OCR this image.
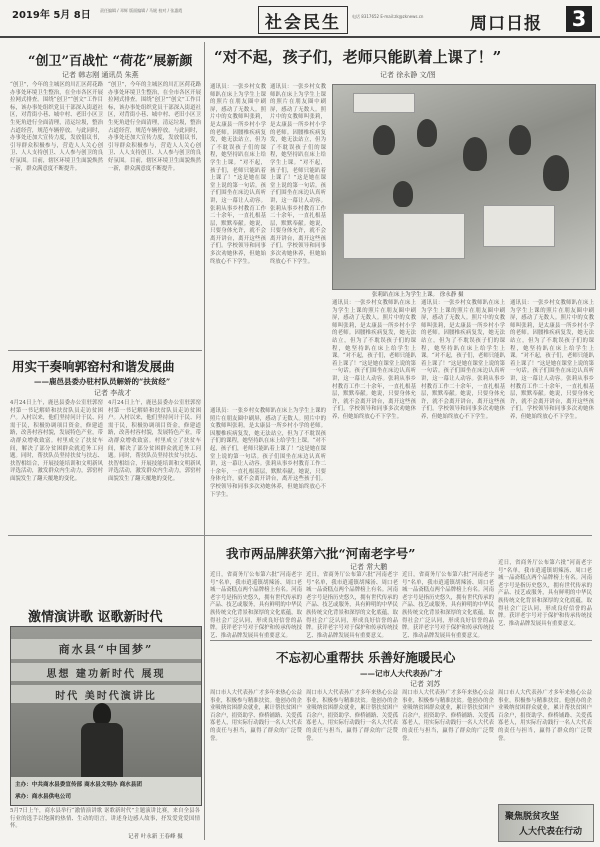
2019年 5月 8日 责任编辑 / 邓辉 版面编辑 / 马媛 校对 / 张惠霞
社会民生	电话 8317652 E-mail:zk@zknews.cn	周口日报 3
“创卫”百战忙 “荷花”展新颜
记者 韩志刚 通讯员 朱燕
“创卫”，今年的主城区的川汇区荷花路办事处环境卫生整治，在全市各区开展拉网式排查。围绕“创卫”“创文”工作目标，该办事处组织党员干部深入街道社区，对背街小巷、城中村、老旧小区卫生死角进行全面清理，清运垃圾，整治占道经营，规范车辆停放。与此同时，办事处还加大宣传力度，发放倡议书，引导群众积极参与，营造人人关心创卫、人人支持创卫、人人参与创卫的良好氛围。目前，辖区环境卫生面貌焕然一新，群众满意度不断提升。
“创卫”，今年的主城区的川汇区荷花路办事处环境卫生整治，在全市各区开展拉网式排查。围绕“创卫”“创文”工作目标，该办事处组织党员干部深入街道社区，对背街小巷、城中村、老旧小区卫生死角进行全面清理，清运垃圾，整治占道经营，规范车辆停放。与此同时，办事处还加大宣传力度，发放倡议书，引导群众积极参与，营造人人关心创卫、人人支持创卫、人人参与创卫的良好氛围。目前，辖区环境卫生面貌焕然一新，群众满意度不断提升。
用实干奏响郭窑村和谐发展曲
——鹿邑县委办驻村队员解娇的“扶贫经”
记者 李战才
4月24日上午，鹿邑县委办公室驻郭窑村第一书记解娇和扶贫队员走访贫困户。入村以来，他们坚持问计于民、问需于民，积极协调项目资金，修建道路，改善村容村貌，发展特色产业，带动群众增收致富。村里成立了扶贫车间，解决了部分贫困群众就近务工问题。同时，帮扶队员坚持扶贫与扶志、扶智相结合，开展技能培训和文明新风评选活动，激发群众内生动力，郭窑村面貌发生了翻天覆地的变化。
4月24日上午，鹿邑县委办公室驻郭窑村第一书记解娇和扶贫队员走访贫困户。入村以来，他们坚持问计于民、问需于民，积极协调项目资金，修建道路，改善村容村貌，发展特色产业，带动群众增收致富。村里成立了扶贫车间，解决了部分贫困群众就近务工问题。同时，帮扶队员坚持扶贫与扶志、扶智相结合，开展技能培训和文明新风评选活动，激发群众内生动力，郭窑村面貌发生了翻天覆地的变化。
“对不起，孩子们，老师只能趴着上课了！”
记者 徐永静 文/图
通讯员：一张乡村女教师趴在床上为学生上课的照片在朋友圈中刷屏，感动了无数人。照片中的女教师叫张莉，是太康县一所乡村小学的老师。因腰椎疾病复发，她无法站立，但为了不耽误孩子们的课程，她坚持趴在床上给学生上课。“对不起，孩子们，老师只能趴着上课了！”这是她在课堂上说的第一句话。孩子们围坐在床边认真听讲，这一幕让人动容。张莉从事乡村教育工作二十余年，一直扎根基层，默默奉献。她说，只要身体允许，就不会离开讲台，离开这些孩子们。学校领导和同事多次劝她休养，但她始终放心不下学生。
通讯员：一张乡村女教师趴在床上为学生上课的照片在朋友圈中刷屏，感动了无数人。照片中的女教师叫张莉，是太康县一所乡村小学的老师。因腰椎疾病复发，她无法站立，但为了不耽误孩子们的课程，她坚持趴在床上给学生上课。“对不起，孩子们，老师只能趴着上课了！”这是她在课堂上说的第一句话。孩子们围坐在床边认真听讲，这一幕让人动容。张莉从事乡村教育工作二十余年，一直扎根基层，默默奉献。她说，只要身体允许，就不会离开讲台，离开这些孩子们。学校领导和同事多次劝她休养，但她始终放心不下学生。
张莉趴在床上为学生上课。 徐永静 摄
通讯员：一张乡村女教师趴在床上为学生上课的照片在朋友圈中刷屏，感动了无数人。照片中的女教师叫张莉，是太康县一所乡村小学的老师。因腰椎疾病复发，她无法站立，但为了不耽误孩子们的课程，她坚持趴在床上给学生上课。“对不起，孩子们，老师只能趴着上课了！”这是她在课堂上说的第一句话。孩子们围坐在床边认真听讲，这一幕让人动容。张莉从事乡村教育工作二十余年，一直扎根基层，默默奉献。她说，只要身体允许，就不会离开讲台，离开这些孩子们。学校领导和同事多次劝她休养，但她始终放心不下学生。
通讯员：一张乡村女教师趴在床上为学生上课的照片在朋友圈中刷屏，感动了无数人。照片中的女教师叫张莉，是太康县一所乡村小学的老师。因腰椎疾病复发，她无法站立，但为了不耽误孩子们的课程，她坚持趴在床上给学生上课。“对不起，孩子们，老师只能趴着上课了！”这是她在课堂上说的第一句话。孩子们围坐在床边认真听讲，这一幕让人动容。张莉从事乡村教育工作二十余年，一直扎根基层，默默奉献。她说，只要身体允许，就不会离开讲台，离开这些孩子们。学校领导和同事多次劝她休养，但她始终放心不下学生。
通讯员：一张乡村女教师趴在床上为学生上课的照片在朋友圈中刷屏，感动了无数人。照片中的女教师叫张莉，是太康县一所乡村小学的老师。因腰椎疾病复发，她无法站立，但为了不耽误孩子们的课程，她坚持趴在床上给学生上课。“对不起，孩子们，老师只能趴着上课了！”这是她在课堂上说的第一句话。孩子们围坐在床边认真听讲，这一幕让人动容。张莉从事乡村教育工作二十余年，一直扎根基层，默默奉献。她说，只要身体允许，就不会离开讲台，离开这些孩子们。学校领导和同事多次劝她休养，但她始终放心不下学生。
通讯员：一张乡村女教师趴在床上为学生上课的照片在朋友圈中刷屏，感动了无数人。照片中的女教师叫张莉，是太康县一所乡村小学的老师。因腰椎疾病复发，她无法站立，但为了不耽误孩子们的课程，她坚持趴在床上给学生上课。“对不起，孩子们，老师只能趴着上课了！”这是她在课堂上说的第一句话。孩子们围坐在床边认真听讲，这一幕让人动容。张莉从事乡村教育工作二十余年，一直扎根基层，默默奉献。她说，只要身体允许，就不会离开讲台，离开这些孩子们。学校领导和同事多次劝她休养，但她始终放心不下学生。
我市两品牌获第六批“河南老字号”
记者 常大鹏
近日，省商务厅公布第六批“河南老字号”名单，我市逍遥镇胡辣汤、周口老城一品斋糕点两个品牌榜上有名。河南老字号是指历史悠久，拥有世代传承的产品、技艺或服务，具有鲜明的中华民族传统文化背景和深厚的文化底蕴，取得社会广泛认同，形成良好信誉的品牌。获评老字号对于保护和传承传统技艺、推动品牌发展具有重要意义。
近日，省商务厅公布第六批“河南老字号”名单，我市逍遥镇胡辣汤、周口老城一品斋糕点两个品牌榜上有名。河南老字号是指历史悠久，拥有世代传承的产品、技艺或服务，具有鲜明的中华民族传统文化背景和深厚的文化底蕴，取得社会广泛认同，形成良好信誉的品牌。获评老字号对于保护和传承传统技艺、推动品牌发展具有重要意义。
近日，省商务厅公布第六批“河南老字号”名单，我市逍遥镇胡辣汤、周口老城一品斋糕点两个品牌榜上有名。河南老字号是指历史悠久，拥有世代传承的产品、技艺或服务，具有鲜明的中华民族传统文化背景和深厚的文化底蕴，取得社会广泛认同，形成良好信誉的品牌。获评老字号对于保护和传承传统技艺、推动品牌发展具有重要意义。
近日，省商务厅公布第六批“河南老字号”名单，我市逍遥镇胡辣汤、周口老城一品斋糕点两个品牌榜上有名。河南老字号是指历史悠久，拥有世代传承的产品、技艺或服务，具有鲜明的中华民族传统文化背景和深厚的文化底蕴，取得社会广泛认同，形成良好信誉的品牌。获评老字号对于保护和传承传统技艺、推动品牌发展具有重要意义。
不忘初心重帮扶 乐善好施暖民心
——记市人大代表孙广才
记者 刘苏
周口市人大代表孙广才多年来热心公益事业，积极参与精准扶贫。他创办的企业吸纳贫困群众就业，累计帮扶贫困户百余户，捐资助学、修桥铺路、关爱孤寡老人，用实际行动践行一名人大代表的责任与担当，赢得了群众的广泛赞誉。
周口市人大代表孙广才多年来热心公益事业，积极参与精准扶贫。他创办的企业吸纳贫困群众就业，累计帮扶贫困户百余户，捐资助学、修桥铺路、关爱孤寡老人，用实际行动践行一名人大代表的责任与担当，赢得了群众的广泛赞誉。
周口市人大代表孙广才多年来热心公益事业，积极参与精准扶贫。他创办的企业吸纳贫困群众就业，累计帮扶贫困户百余户，捐资助学、修桥铺路、关爱孤寡老人，用实际行动践行一名人大代表的责任与担当，赢得了群众的广泛赞誉。
周口市人大代表孙广才多年来热心公益事业，积极参与精准扶贫。他创办的企业吸纳贫困群众就业，累计帮扶贫困户百余户，捐资助学、修桥铺路、关爱孤寡老人，用实际行动践行一名人大代表的责任与担当，赢得了群众的广泛赞誉。
聚焦脱贫攻坚
人大代表在行动
激情演讲歌 讴歌新时代
商水县“中国梦”
思想 建功新时代 展现
时代 美时代演讲比
主办：中共商水县委宣传部 商水县文明办 商水县团
承办：商水县供电公司
5月7日上午，商水县举行“激情演讲歌 讴歌新时代”主题演讲比赛，来自全县各行业的选手以饱满的热情、生动的语言，讲述身边感人故事，抒发爱党爱国情怀。
记者 叶永新 王春峰 摄
